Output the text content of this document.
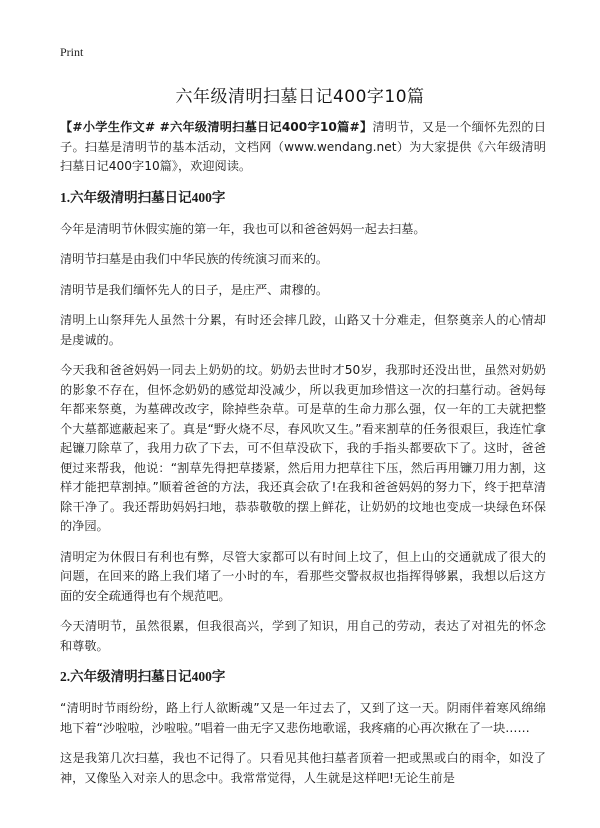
Print
六年级清明扫墓日记400字10篇

【#小学生作文# #六年级清明扫墓日记400字10篇#】清明节，又是一个缅怀先烈的日子。扫墓是清明节的基本活动，文档网（www.wendang.net）为大家提供《六年级清明扫墓日记400字10篇》，欢迎阅读。

1.六年级清明扫墓日记400字

今年是清明节休假实施的第一年，我也可以和爸爸妈妈一起去扫墓。

清明节扫墓是由我们中华民族的传统演习而来的。

清明节是我们缅怀先人的日子，是庄严、肃穆的。

清明上山祭拜先人虽然十分累，有时还会摔几跤，山路又十分难走，但祭奠亲人的心情却是虔诚的。

今天我和爸爸妈妈一同去上奶奶的坟。奶奶去世时才50岁，我那时还没出世，虽然对奶奶的影象不存在，但怀念奶奶的感觉却没减少，所以我更加珍惜这一次的扫墓行动。爸妈每年都来祭奠，为墓碑改改字，除掉些杂草。可是草的生命力那么强，仅一年的工夫就把整个大墓都遮蔽起来了。真是“野火烧不尽，春风吹又生。”看来割草的任务很艰巨，我连忙拿起镰刀除草了，我用力砍了下去，可不但草没砍下，我的手指头都要砍下了。这时，爸爸便过来帮我，他说：“割草先得把草搂紧，然后用力把草往下压，然后再用镰刀用力割，这样才能把草割掉。”顺着爸爸的方法，我还真会砍了!在我和爸爸妈妈的努力下，终于把草清除干净了。我还帮助妈妈扫地，恭恭敬敬的摆上鲜花，让奶奶的坟地也变成一块绿色环保的净园。

清明定为休假日有利也有弊，尽管大家都可以有时间上坟了，但上山的交通就成了很大的问题，在回来的路上我们堵了一小时的车，看那些交警叔叔也指挥得够累，我想以后这方面的安全疏通得也有个规范吧。

今天清明节，虽然很累，但我很高兴，学到了知识，用自己的劳动，表达了对祖先的怀念和尊敬。

2.六年级清明扫墓日记400字

“清明时节雨纷纷，路上行人欲断魂”又是一年过去了，又到了这一天。阴雨伴着寒风绵绵地下着“沙啦啦，沙啦啦。”唱着一曲无字又悲伤地歌谣，我疼痛的心再次揪在了一块……

这是我第几次扫墓，我也不记得了。只看见其他扫墓者顶着一把或黑或白的雨伞，如没了神，又像坠入对亲人的思念中。我常常觉得，人生就是这样吧!无论生前是
